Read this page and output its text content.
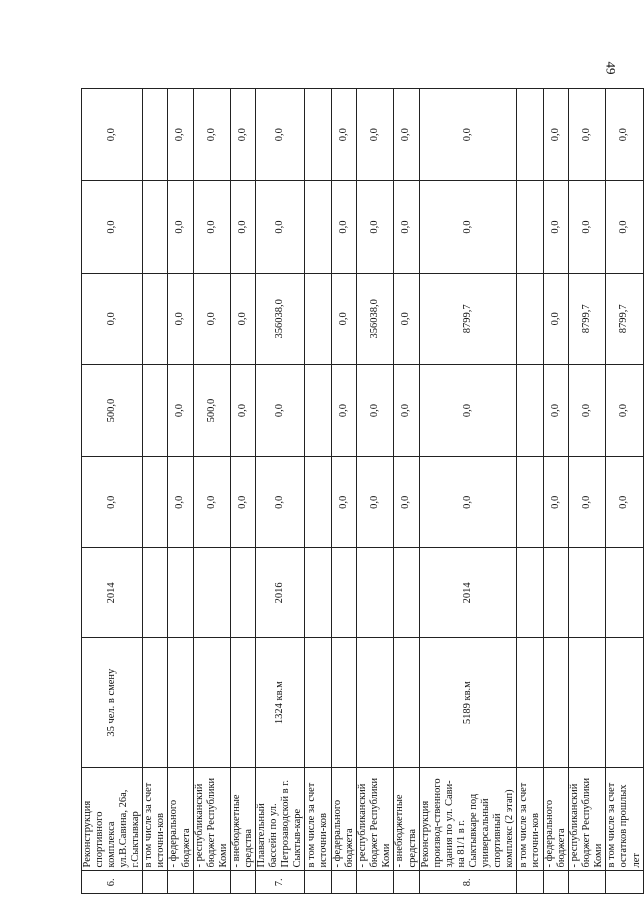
49
6.	Реконструкция спортивного комплекса ул.В.Савина, 26а, г.Сыктывкар	35 чел. в смену	2014	0,0	500,0	0,0	0,0	0,0
	в том числе за счет источни-ков							
	- федерального бюджета			0,0	0,0	0,0	0,0	0,0
	- республиканский бюджет Республики Коми			0,0	500,0	0,0	0,0	0,0
	- внебюджетные средства			0,0	0,0	0,0	0,0	0,0
7.	Плавательный бассейн по ул. Петрозаводской в г. Сыктыв-каре	1324 кв.м	2016	0,0	0,0	356038,0	0,0	0,0
	в том числе за счет источни-ков							
	- федерального бюджета			0,0	0,0	0,0	0,0	0,0
	- республиканский бюджет Республики Коми			0,0	0,0	356038,0	0,0	0,0
	- внебюджетные средства			0,0	0,0	0,0	0,0	0,0
8.	Реконструкция производ-ственного здания по ул. Сави-на 81/1 в г. Сыктывкаре под универсальный спортивный комплекс (2 этап)	5189 кв.м	2014	0,0	0,0	8799,7	0,0	0,0
	в том числе за счет источни-ков							
	- федерального бюджета			0,0	0,0	0,0	0,0	0,0
	- республиканский бюджет Республики Коми			0,0	0,0	8799,7	0,0	0,0
	в том числе за счет остатков прошлых лет			0,0	0,0	8799,7	0,0	0,0
